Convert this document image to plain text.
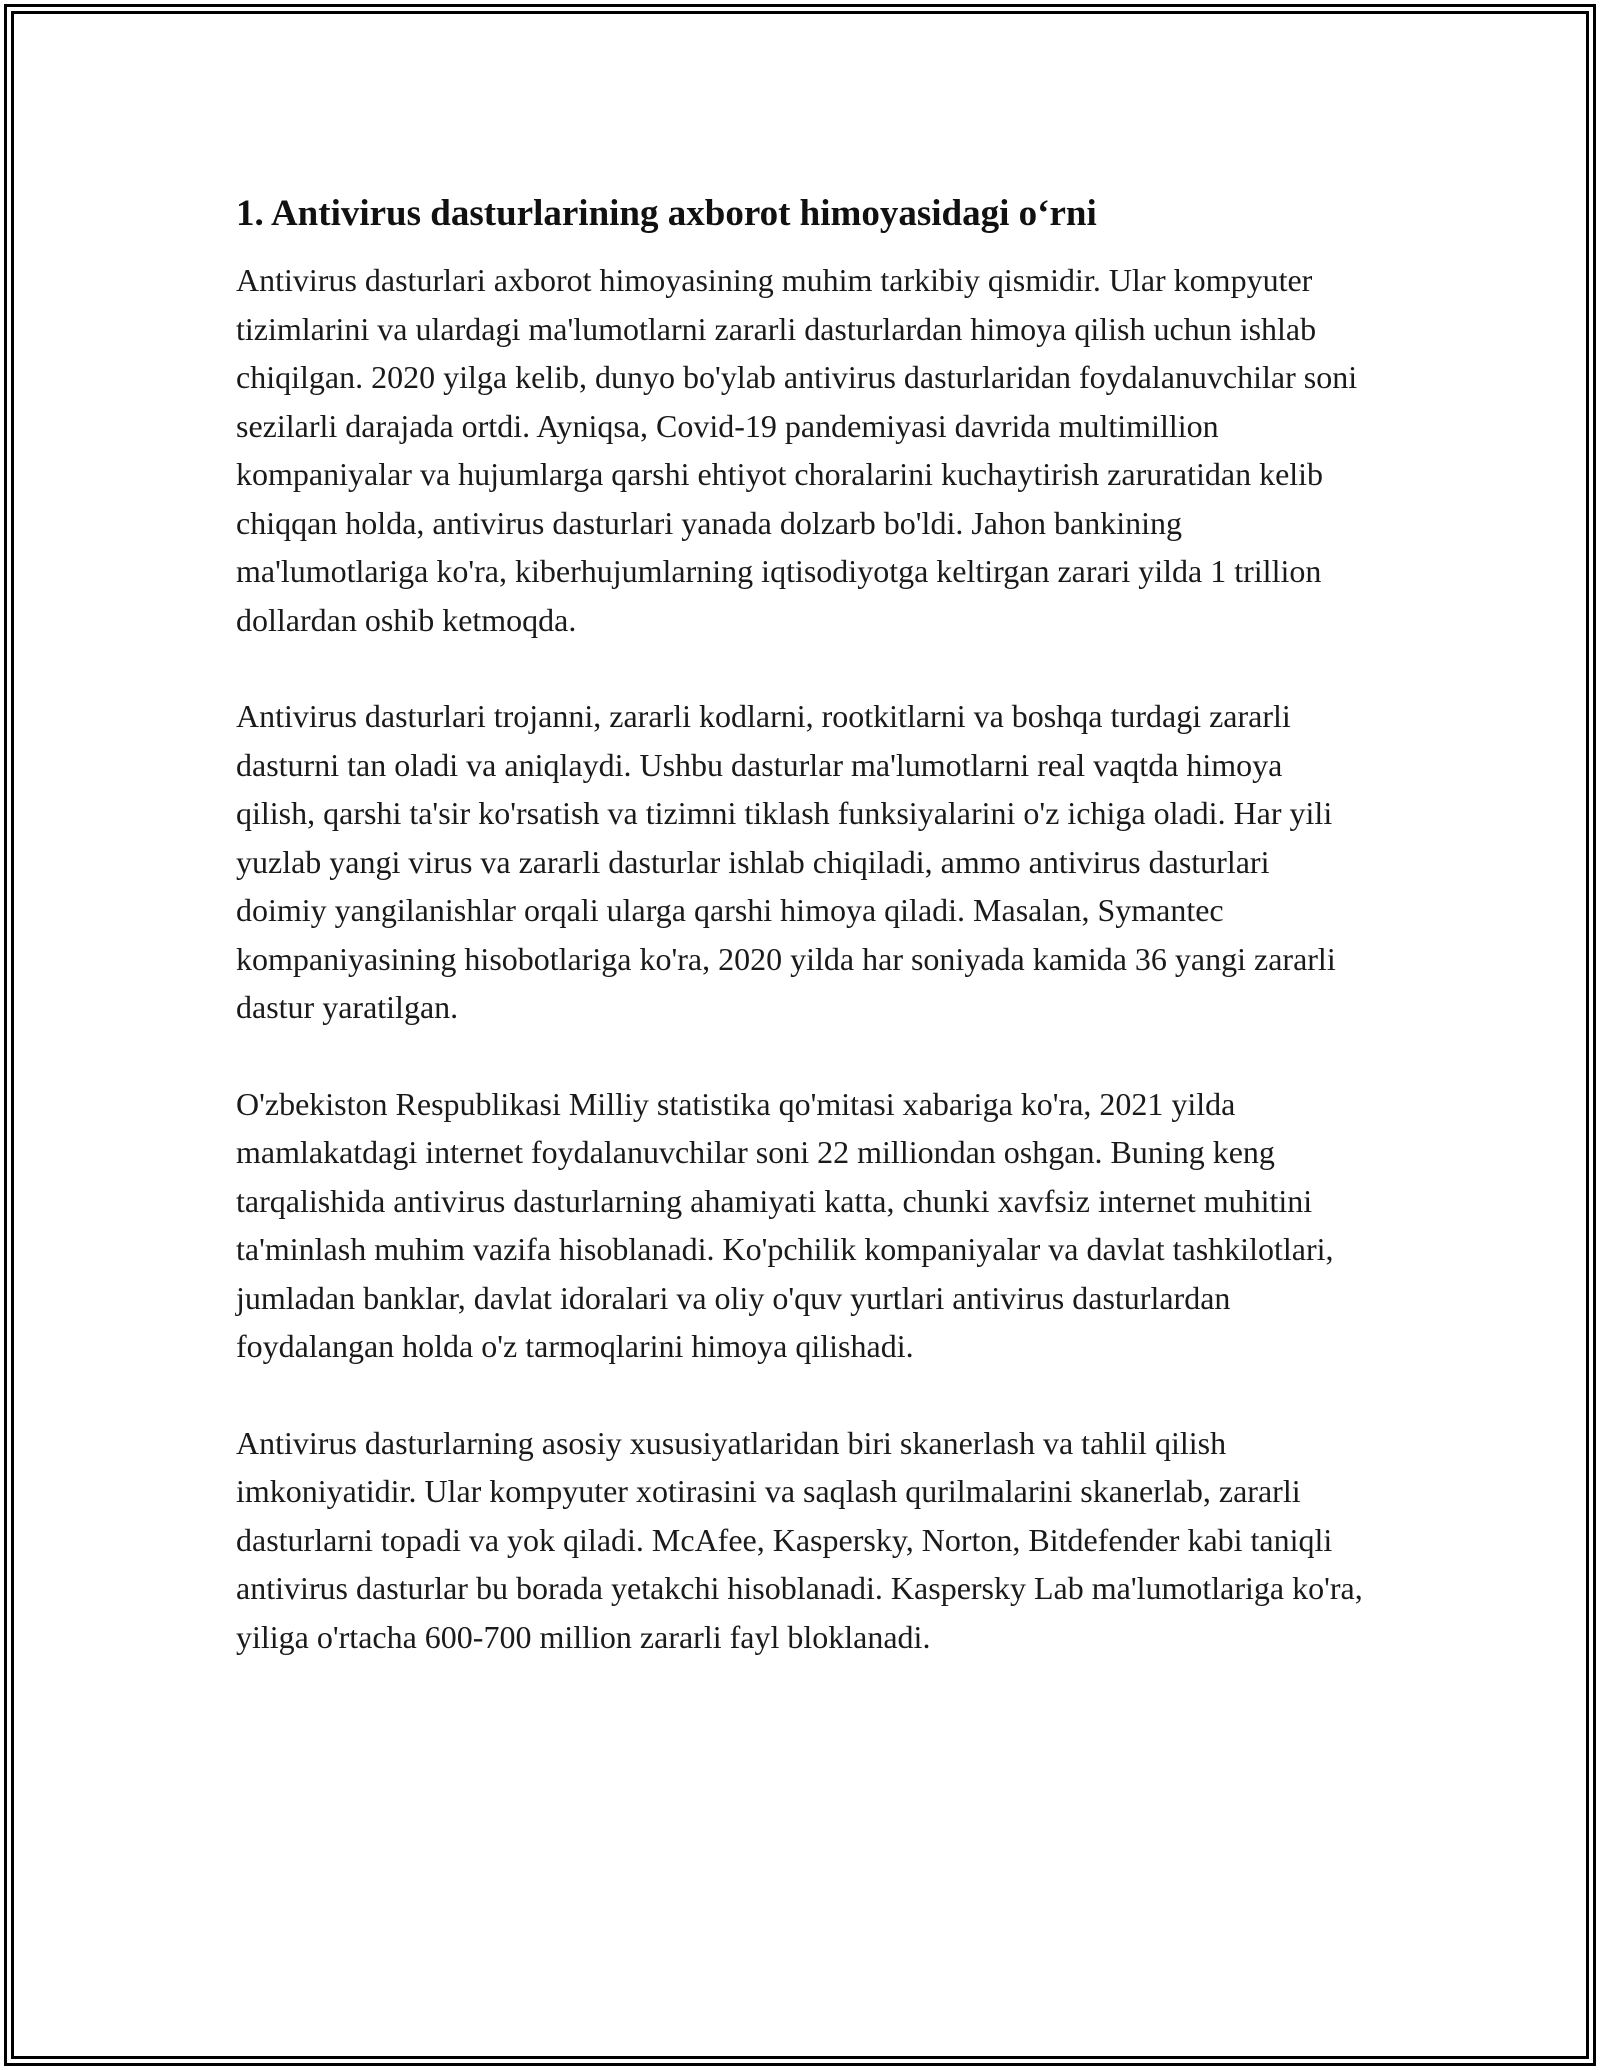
1. Antivirus dasturlarining axborot himoyasidagi o‘rni

Antivirus dasturlari axborot himoyasining muhim tarkibiy qismidir. Ular kompyuter tizimlarini va ulardagi ma'lumotlarni zararli dasturlardan himoya qilish uchun ishlab chiqilgan. 2020 yilga kelib, dunyo bo'ylab antivirus dasturlaridan foydalanuvchilar soni sezilarli darajada ortdi. Ayniqsa, Covid-19 pandemiyasi davrida multimillion kompaniyalar va hujumlarga qarshi ehtiyot choralarini kuchaytirish zaruratidan kelib chiqqan holda, antivirus dasturlari yanada dolzarb bo'ldi. Jahon bankining ma'lumotlariga ko'ra, kiberhujumlarning iqtisodiyotga keltirgan zarari yilda 1 trillion dollardan oshib ketmoqda.

Antivirus dasturlari trojanni, zararli kodlarni, rootkitlarni va boshqa turdagi zararli dasturni tan oladi va aniqlaydi. Ushbu dasturlar ma'lumotlarni real vaqtda himoya qilish, qarshi ta'sir ko'rsatish va tizimni tiklash funksiyalarini o'z ichiga oladi. Har yili yuzlab yangi virus va zararli dasturlar ishlab chiqiladi, ammo antivirus dasturlari doimiy yangilanishlar orqali ularga qarshi himoya qiladi. Masalan, Symantec kompaniyasining hisobotlariga ko'ra, 2020 yilda har soniyada kamida 36 yangi zararli dastur yaratilgan.

O'zbekiston Respublikasi Milliy statistika qo'mitasi xabariga ko'ra, 2021 yilda mamlakatdagi internet foydalanuvchilar soni 22 milliondan oshgan. Buning keng tarqalishida antivirus dasturlarning ahamiyati katta, chunki xavfsiz internet muhitini ta'minlash muhim vazifa hisoblanadi. Ko'pchilik kompaniyalar va davlat tashkilotlari, jumladan banklar, davlat idoralari va oliy o'quv yurtlari antivirus dasturlardan foydalangan holda o'z tarmoqlarini himoya qilishadi.

Antivirus dasturlarning asosiy xususiyatlaridan biri skanerlash va tahlil qilish imkoniyatidir. Ular kompyuter xotirasini va saqlash qurilmalarini skanerlab, zararli dasturlarni topadi va yok qiladi. McAfee, Kaspersky, Norton, Bitdefender kabi taniqli antivirus dasturlar bu borada yetakchi hisoblanadi. Kaspersky Lab ma'lumotlariga ko'ra, yiliga o'rtacha 600-700 million zararli fayl bloklanadi.
